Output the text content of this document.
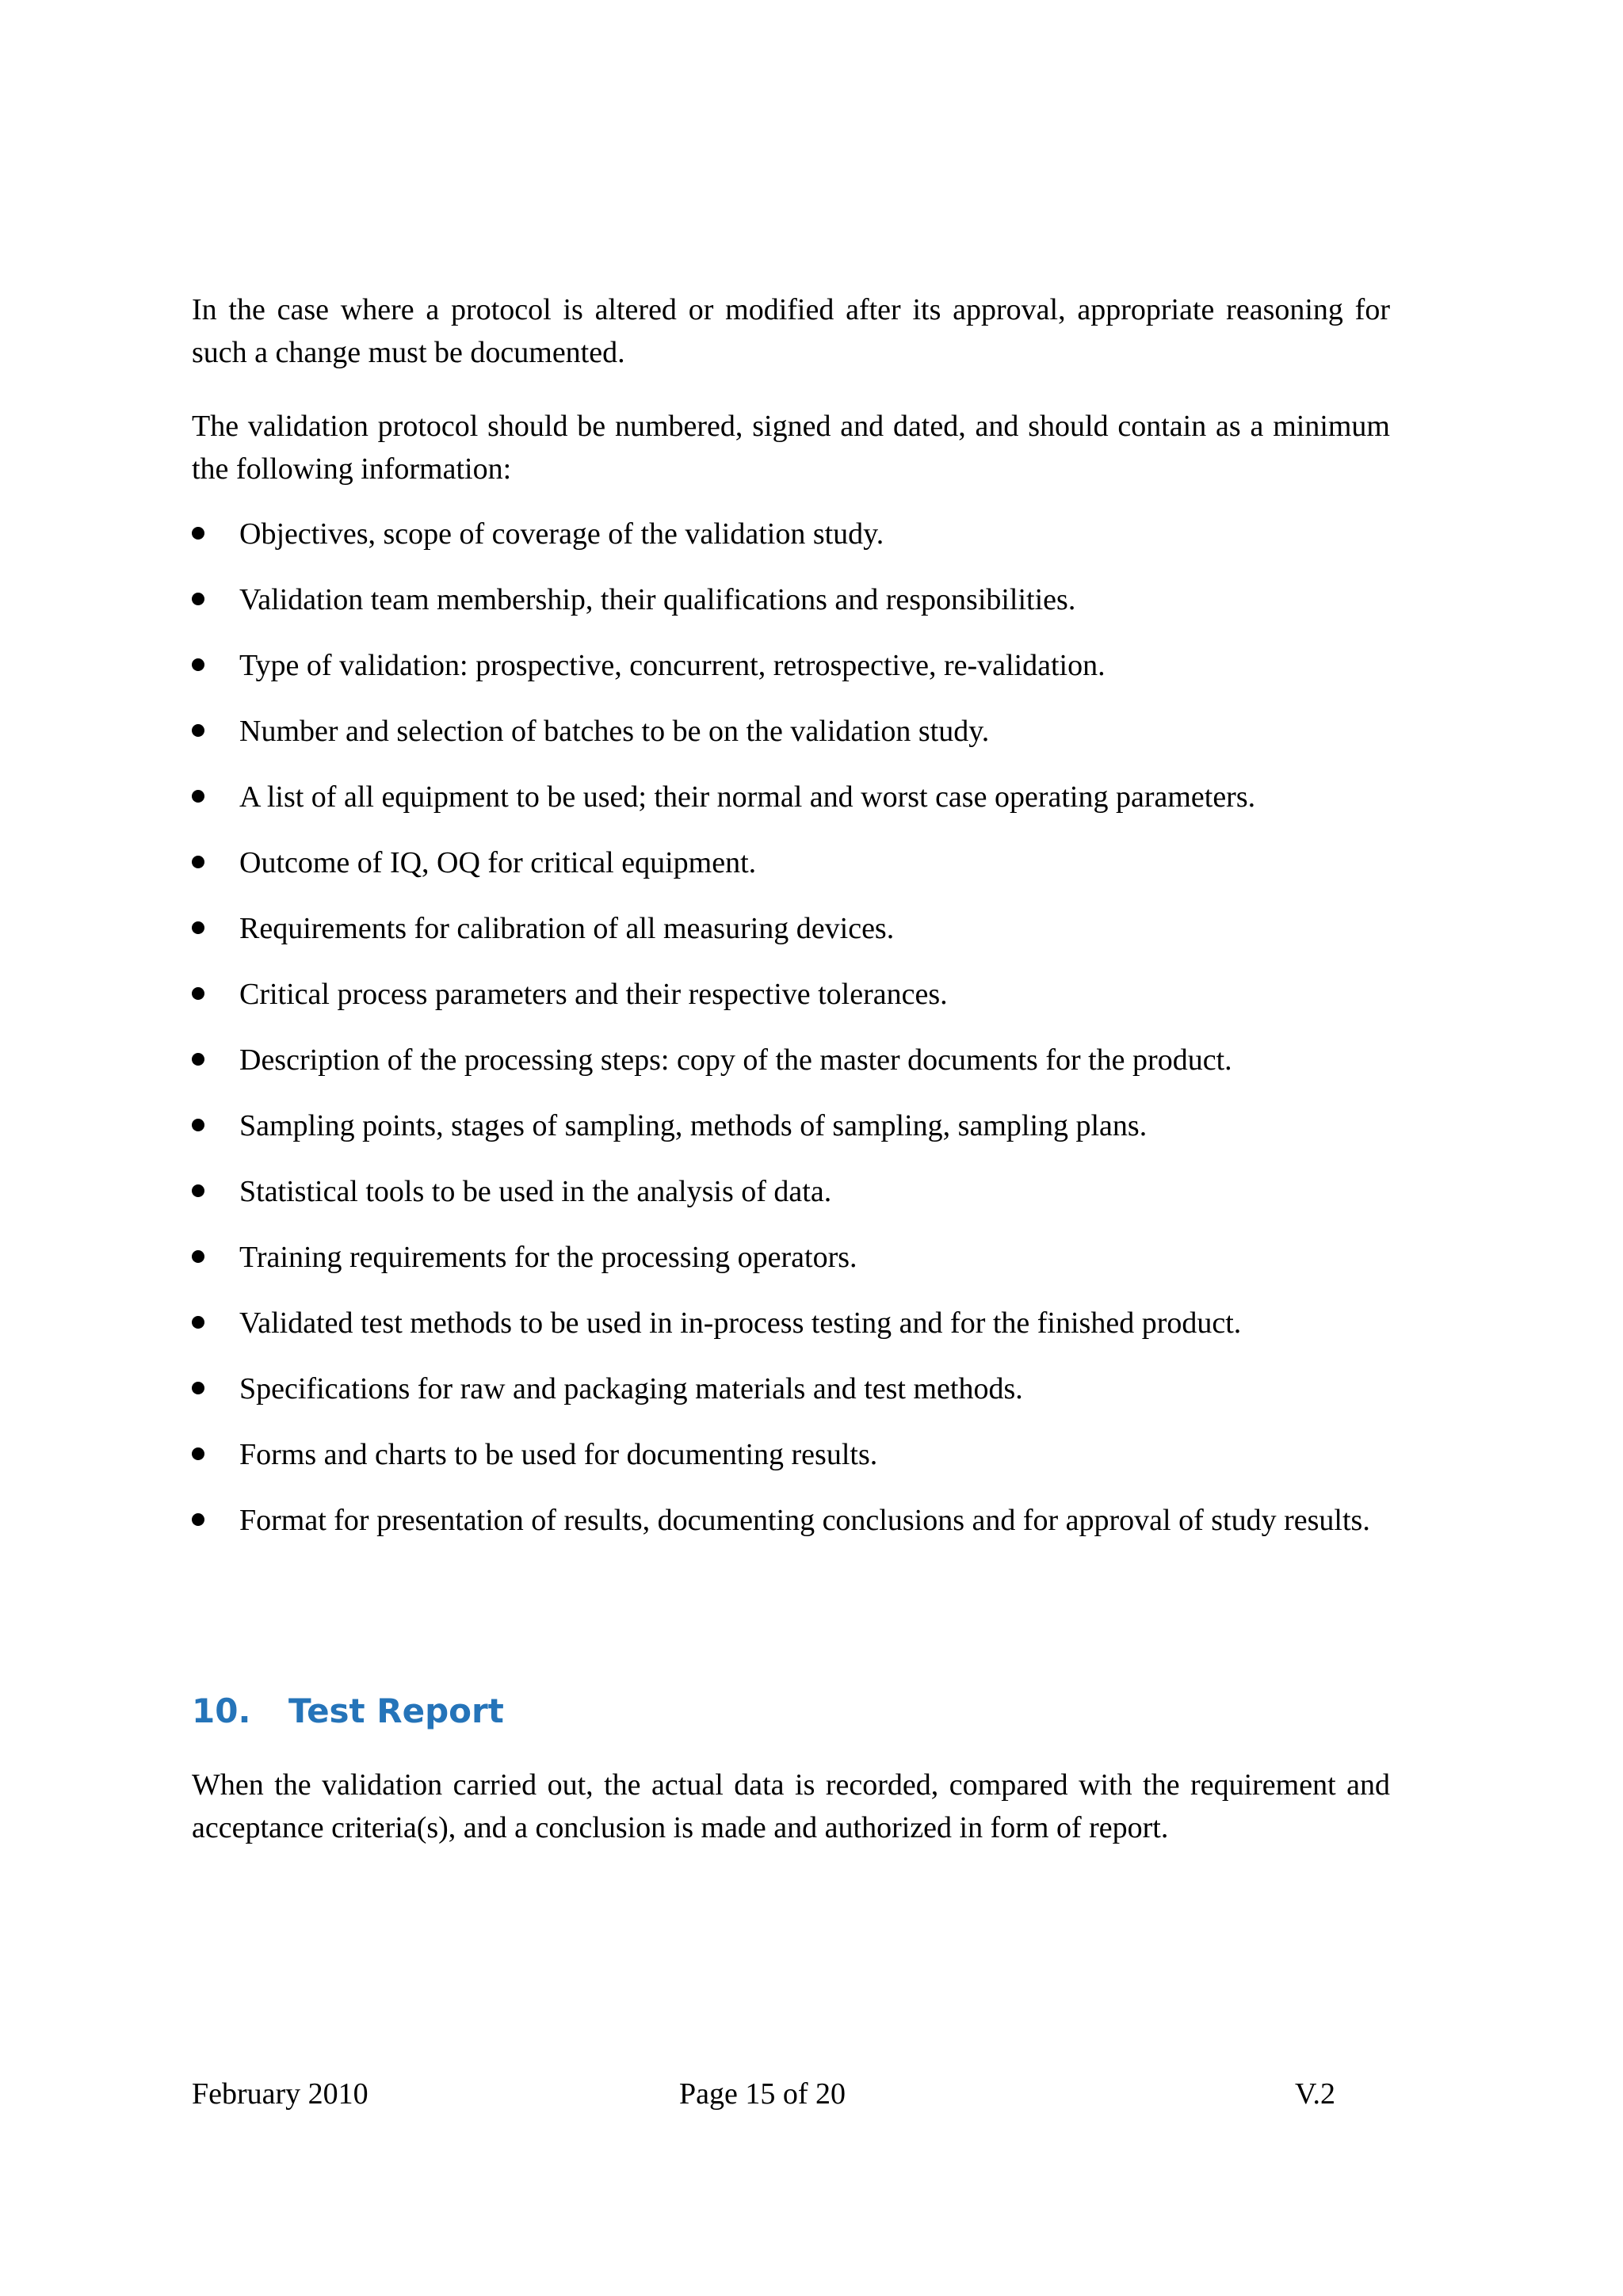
In the case where a protocol is altered or modified after its approval, appropriate reasoning for such a change must be documented.

The validation protocol should be numbered, signed and dated, and should contain as a minimum the following information:

Objectives, scope of coverage of the validation study.
Validation team membership, their qualifications and responsibilities.
Type of validation: prospective, concurrent, retrospective, re-validation.
Number and selection of batches to be on the validation study.
A list of all equipment to be used; their normal and worst case operating parameters.
Outcome of IQ, OQ for critical equipment.
Requirements for calibration of all measuring devices.
Critical process parameters and their respective tolerances.
Description of the processing steps: copy of the master documents for the product.
Sampling points, stages of sampling, methods of sampling, sampling plans.
Statistical tools to be used in the analysis of data.
Training requirements for the processing operators.
Validated test methods to be used in in-process testing and for the finished product.
Specifications for raw and packaging materials and test methods.
Forms and charts to be used for documenting results.
Format for presentation of results, documenting conclusions and for approval of study results.
10. Test Report

When the validation carried out, the actual data is recorded, compared with the requirement and acceptance criteria(s), and a conclusion is made and authorized in form of report.

February 2010	Page 15 of 20	V.2
